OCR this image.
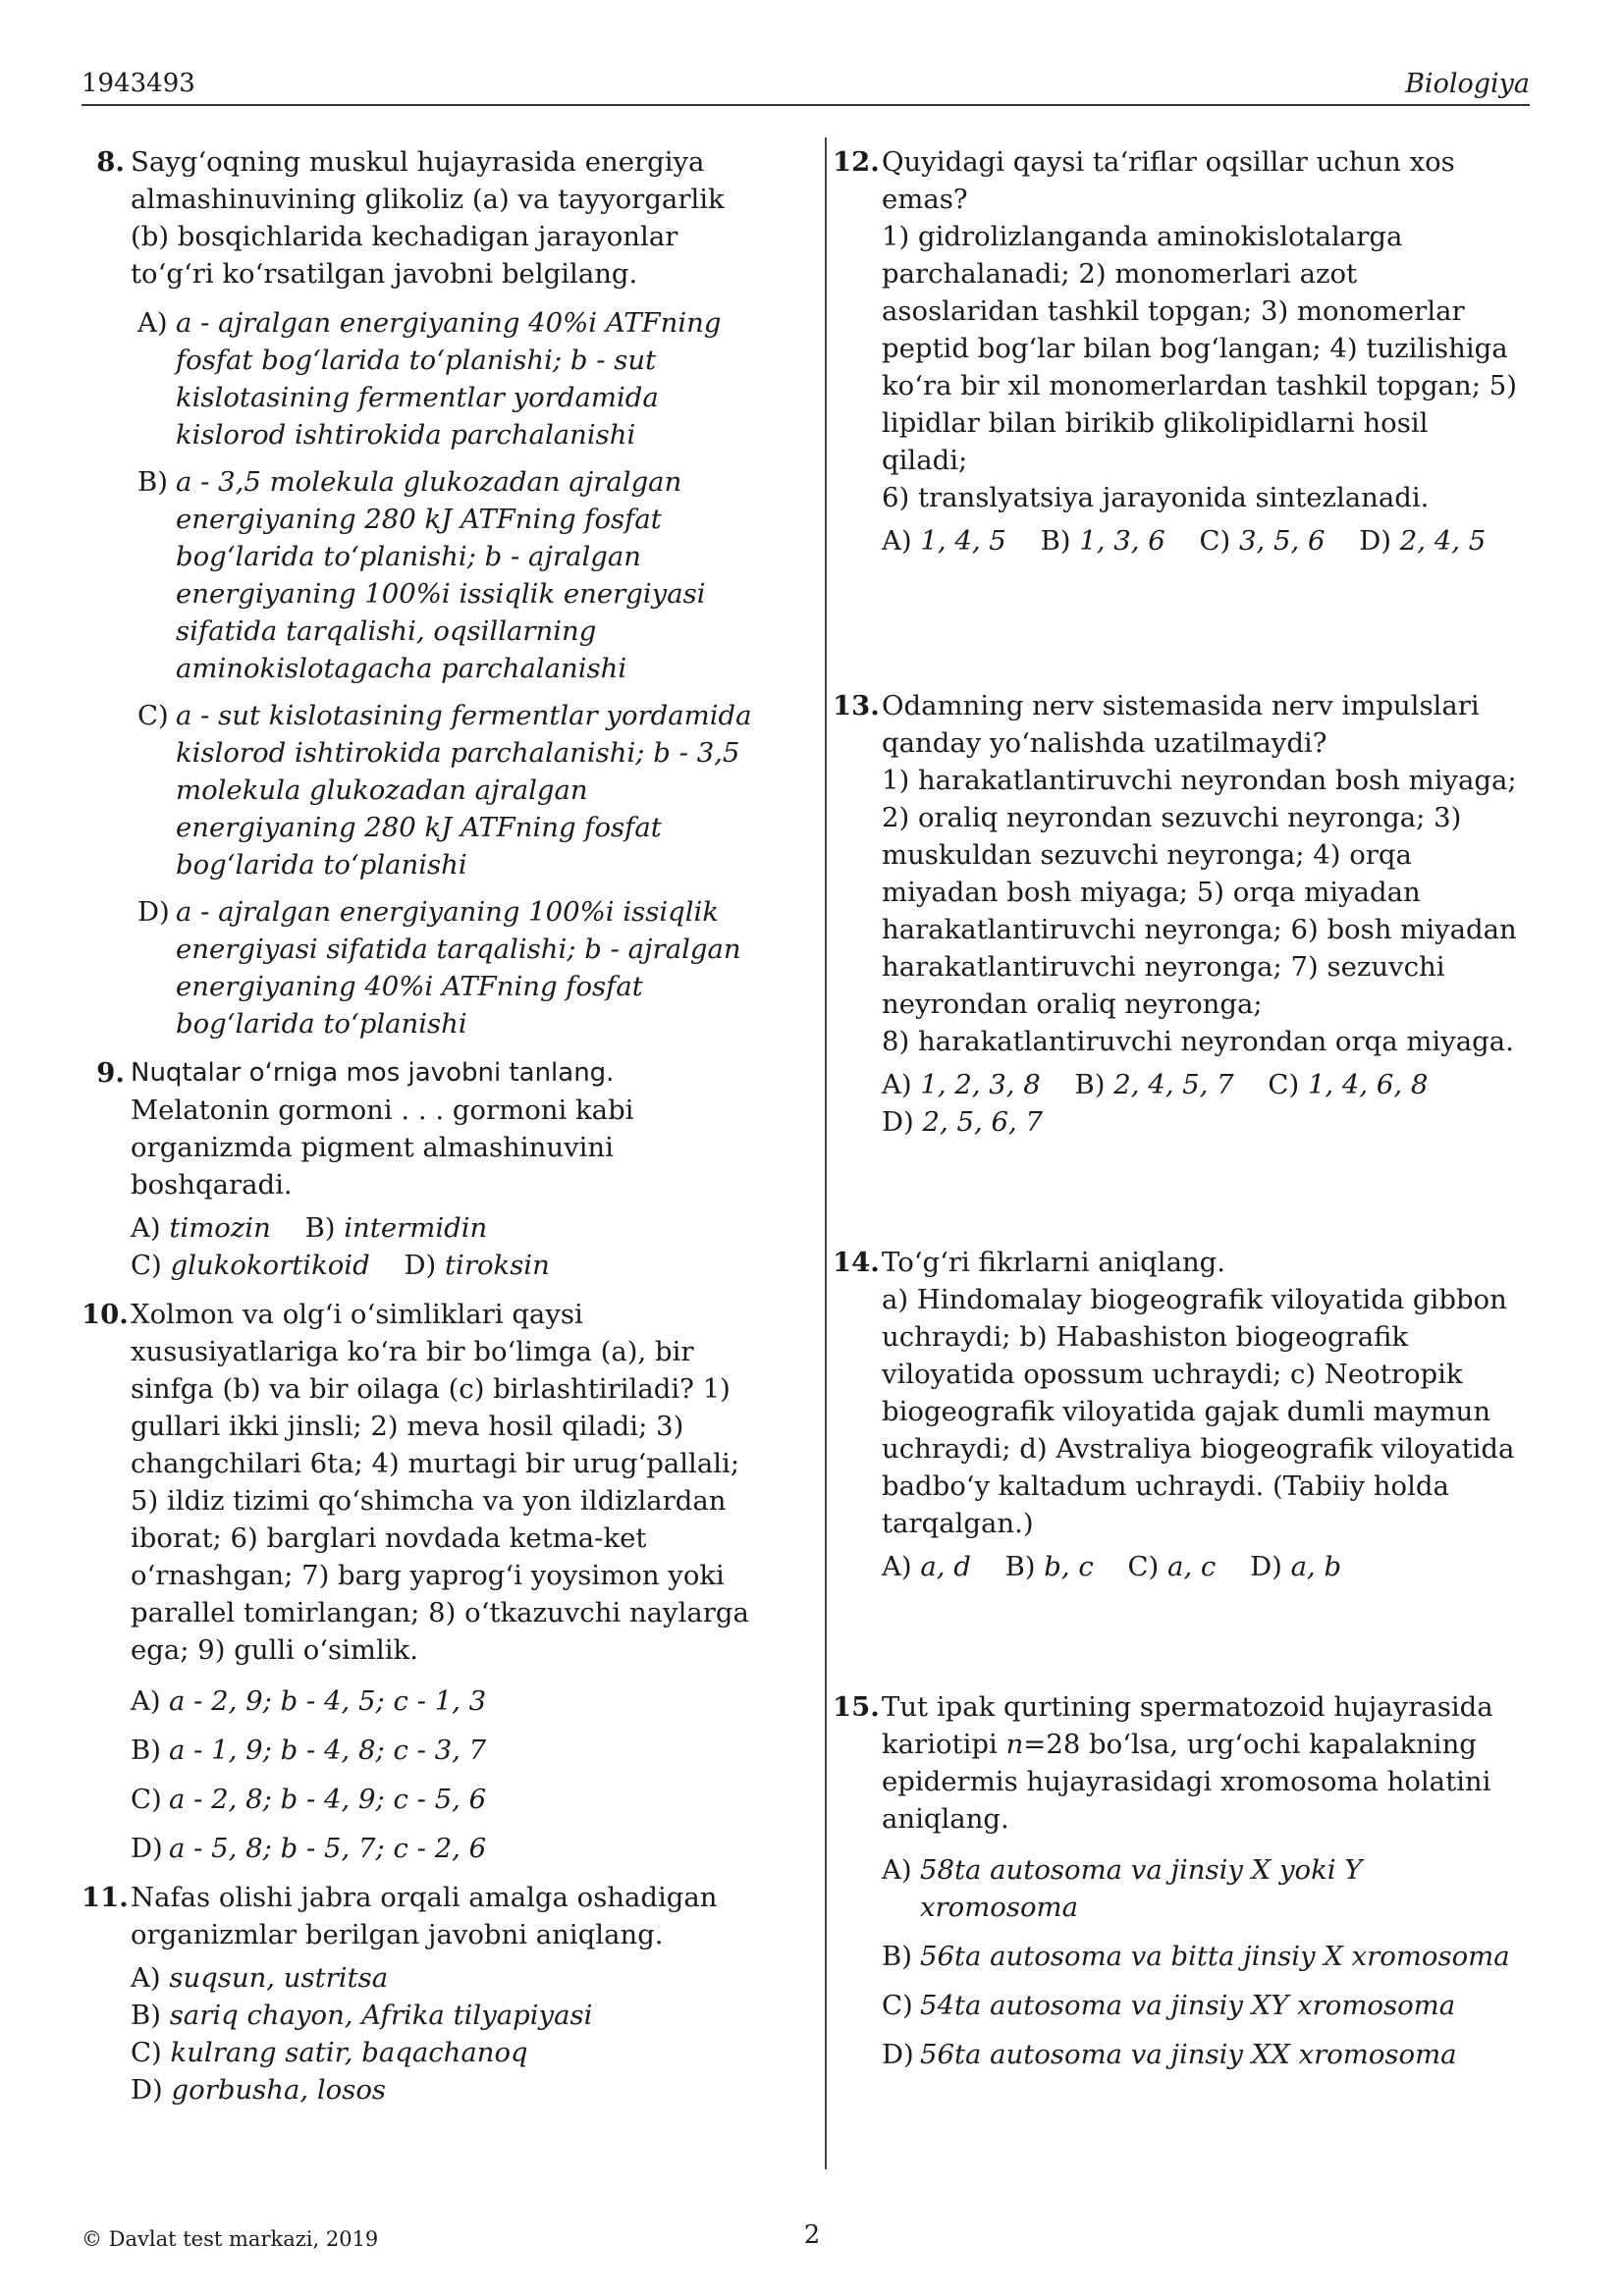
1943493	Biologiya
8. Sayg‘oqning muskul hujayrasida energiya almashinuvining glikoliz (a) va tayyorgarlik (b) bosqichlarida kechadigan jarayonlar to‘g‘ri ko‘rsatilgan javobni belgilang.
A) a - ajralgan energiyaning 40%i ATFning fosfat bog‘larida to‘planishi; b - sut kislotasining fermentlar yordamida kislorod ishtirokida parchalanishi
B) a - 3,5 molekula glukozadan ajralgan energiyaning 280 kJ ATFning fosfat bog‘larida to‘planishi; b - ajralgan energiyaning 100%i issiqlik energiyasi sifatida tarqalishi, oqsillarning aminokislotagacha parchalanishi
C) a - sut kislotasining fermentlar yordamida kislorod ishtirokida parchalanishi; b - 3,5 molekula glukozadan ajralgan energiyaning 280 kJ ATFning fosfat bog‘larida to‘planishi
D) a - ajralgan energiyaning 100%i issiqlik energiyasi sifatida tarqalishi; b - ajralgan energiyaning 40%i ATFning fosfat bog‘larida to‘planishi
9. Nuqtalar o‘rniga mos javobni tanlang.
Melatonin gormoni . . . gormoni kabi organizmda pigment almashinuvini boshqaradi.
A) timozin B) intermidin
C) glukokortikoid D) tiroksin
10. Xolmon va olg‘i o‘simliklari qaysi xususiyatlariga ko‘ra bir bo‘limga (a), bir sinfga (b) va bir oilaga (c) birlashtiriladi? 1) gullari ikki jinsli; 2) meva hosil qiladi; 3) changchilari 6ta; 4) murtagi bir urug‘pallali; 5) ildiz tizimi qo‘shimcha va yon ildizlardan iborat; 6) barglari novdada ketma-ket o‘rnashgan; 7) barg yaprog‘i yoysimon yoki parallel tomirlangan; 8) o‘tkazuvchi naylarga ega; 9) gulli o‘simlik.
A) a - 2, 9; b - 4, 5; c - 1, 3
B) a - 1, 9; b - 4, 8; c - 3, 7
C) a - 2, 8; b - 4, 9; c - 5, 6
D) a - 5, 8; b - 5, 7; c - 2, 6
11. Nafas olishi jabra orqali amalga oshadigan organizmlar berilgan javobni aniqlang.
A) suqsun, ustritsa
B) sariq chayon, Afrika tilyapiyasi
C) kulrang satir, baqachanoq
D) gorbusha, losos
12. Quyidagi qaysi ta‘riflar oqsillar uchun xos emas?
1) gidrolizlanganda aminokislotalarga parchalanadi; 2) monomerlari azot asoslaridan tashkil topgan; 3) monomerlar peptid bog‘lar bilan bog‘langan; 4) tuzilishiga ko‘ra bir xil monomerlardan tashkil topgan; 5) lipidlar bilan birikib glikolipidlarni hosil qiladi;
6) translyatsiya jarayonida sintezlanadi.
A) 1, 4, 5 B) 1, 3, 6 C) 3, 5, 6 D) 2, 4, 5
13. Odamning nerv sistemasida nerv impulslari qanday yo‘nalishda uzatilmaydi?
1) harakatlantiruvchi neyrondan bosh miyaga; 2) oraliq neyrondan sezuvchi neyronga; 3) muskuldan sezuvchi neyronga; 4) orqa miyadan bosh miyaga; 5) orqa miyadan harakatlantiruvchi neyronga; 6) bosh miyadan harakatlantiruvchi neyronga; 7) sezuvchi neyrondan oraliq neyronga;
8) harakatlantiruvchi neyrondan orqa miyaga.
A) 1, 2, 3, 8 B) 2, 4, 5, 7 C) 1, 4, 6, 8
D) 2, 5, 6, 7
14. To‘g‘ri fikrlarni aniqlang.
a) Hindomalay biogeografik viloyatida gibbon uchraydi; b) Habashiston biogeografik viloyatida opossum uchraydi; c) Neotropik biogeografik viloyatida gajak dumli maymun uchraydi; d) Avstraliya biogeografik viloyatida badbo‘y kaltadum uchraydi. (Tabiiy holda tarqalgan.)
A) a, d B) b, c C) a, c D) a, b
15. Tut ipak qurtining spermatozoid hujayrasida kariotipi n=28 bo‘lsa, urg‘ochi kapalakning epidermis hujayrasidagi xromosoma holatini aniqlang.
A) 58ta autosoma va jinsiy X yoki Y xromosoma
B) 56ta autosoma va bitta jinsiy X xromosoma
C) 54ta autosoma va jinsiy XY xromosoma
D) 56ta autosoma va jinsiy XX xromosoma
© Davlat test markazi, 2019	2
